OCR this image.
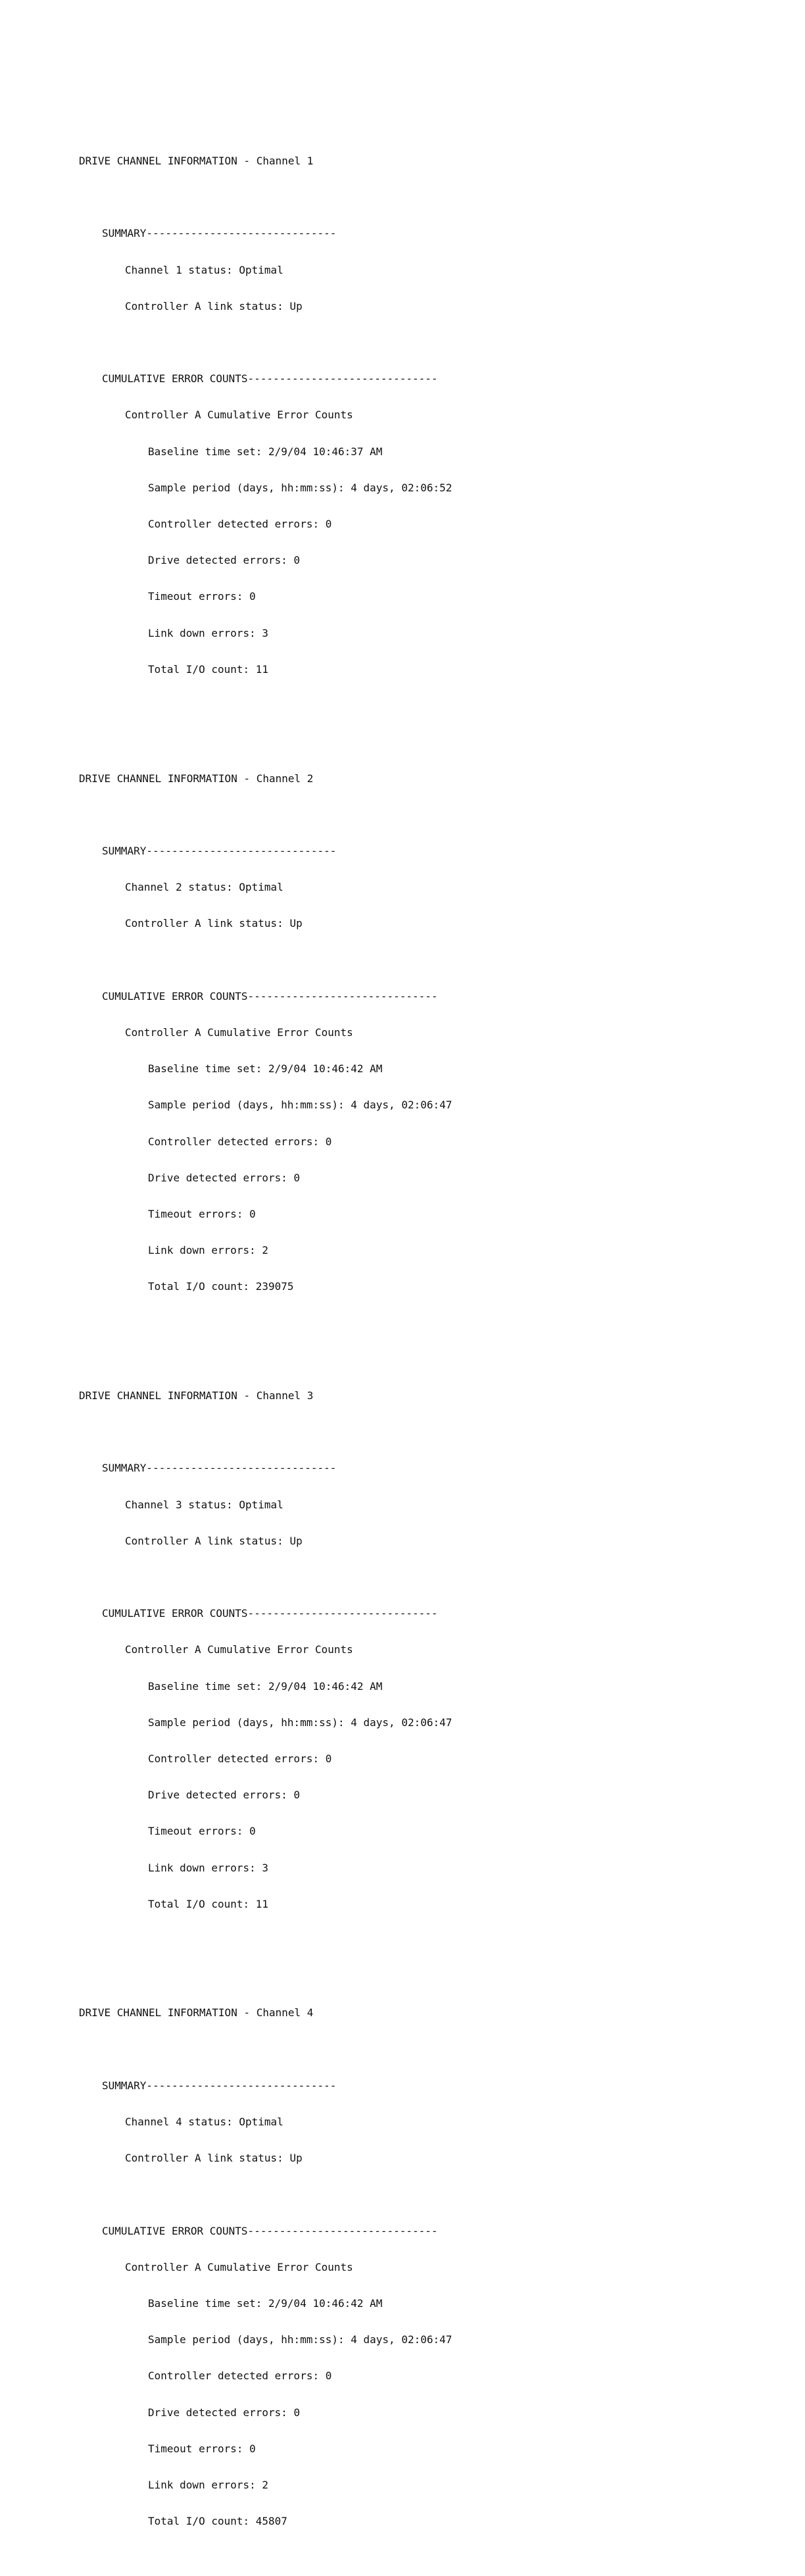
DRIVE CHANNEL INFORMATION - Channel 1

SUMMARY------------------------------

Channel 1 status: Optimal

Controller A link status: Up

CUMULATIVE ERROR COUNTS------------------------------

Controller A Cumulative Error Counts

Baseline time set: 2/9/04 10:46:37 AM

Sample period (days, hh:mm:ss): 4 days, 02:06:52

Controller detected errors: 0

Drive detected errors: 0

Timeout errors: 0

Link down errors: 3

Total I/O count: 11

DRIVE CHANNEL INFORMATION - Channel 2

SUMMARY------------------------------

Channel 2 status: Optimal

Controller A link status: Up

CUMULATIVE ERROR COUNTS------------------------------

Controller A Cumulative Error Counts

Baseline time set: 2/9/04 10:46:42 AM

Sample period (days, hh:mm:ss): 4 days, 02:06:47

Controller detected errors: 0

Drive detected errors: 0

Timeout errors: 0

Link down errors: 2

Total I/O count: 239075

DRIVE CHANNEL INFORMATION - Channel 3

SUMMARY------------------------------

Channel 3 status: Optimal

Controller A link status: Up

CUMULATIVE ERROR COUNTS------------------------------

Controller A Cumulative Error Counts

Baseline time set: 2/9/04 10:46:42 AM

Sample period (days, hh:mm:ss): 4 days, 02:06:47

Controller detected errors: 0

Drive detected errors: 0

Timeout errors: 0

Link down errors: 3

Total I/O count: 11

DRIVE CHANNEL INFORMATION - Channel 4

SUMMARY------------------------------

Channel 4 status: Optimal

Controller A link status: Up

CUMULATIVE ERROR COUNTS------------------------------

Controller A Cumulative Error Counts

Baseline time set: 2/9/04 10:46:42 AM

Sample period (days, hh:mm:ss): 4 days, 02:06:47

Controller detected errors: 0

Drive detected errors: 0

Timeout errors: 0

Link down errors: 2

Total I/O count: 45807
